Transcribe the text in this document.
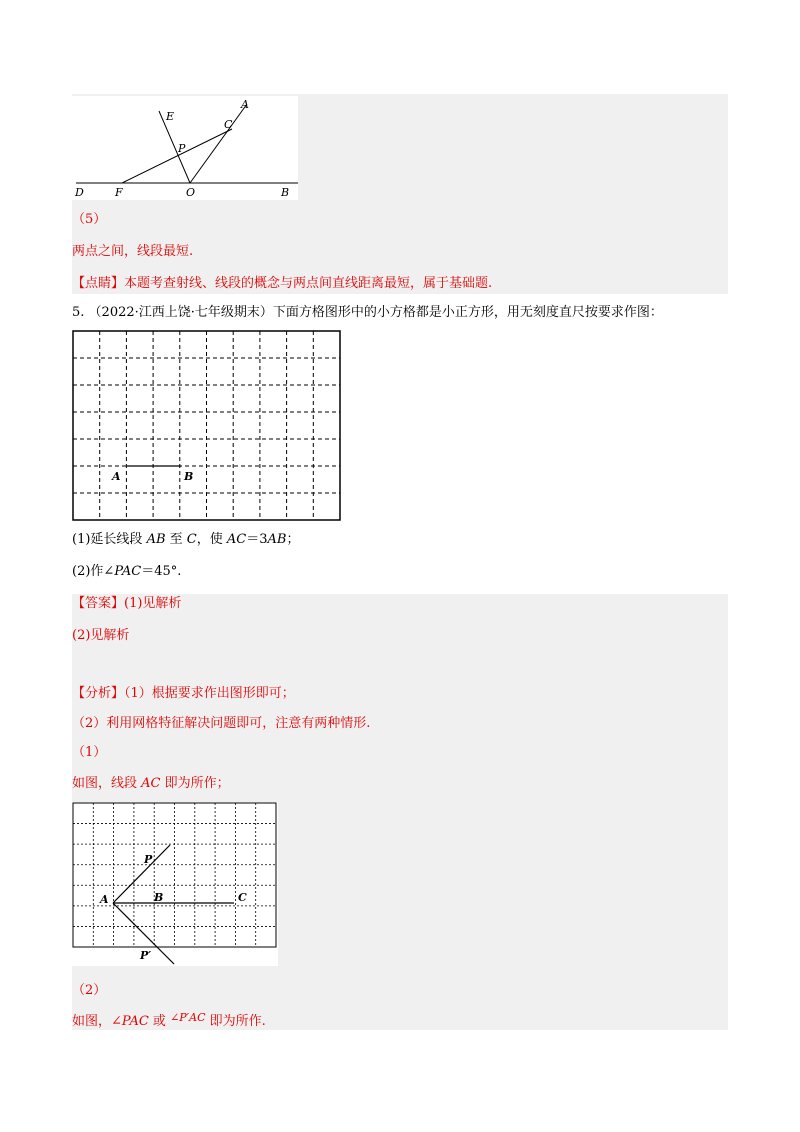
A
C
E
P
D	F	O	B
（5）
两点之间，线段最短.
【点睛】本题考查射线、线段的概念与两点间直线距离最短，属于基础题.
5. （2022·江西上饶·七年级期末）下面方格图形中的小方格都是小正方形，用无刻度直尺按要求作图：
A	B
(1)延长线段 AB 至 C，使 AC＝3AB；
(2)作∠PAC＝45°.
【答案】(1)见解析
(2)见解析
【分析】（1）根据要求作出图形即可；
（2）利用网格特征解决问题即可，注意有两种情形.
（1）
如图，线段 AC 即为所作；
P
A	B	C
P′
（2）
如图，∠PAC 或 $^{\angle P'AC}$ 即为所作.
